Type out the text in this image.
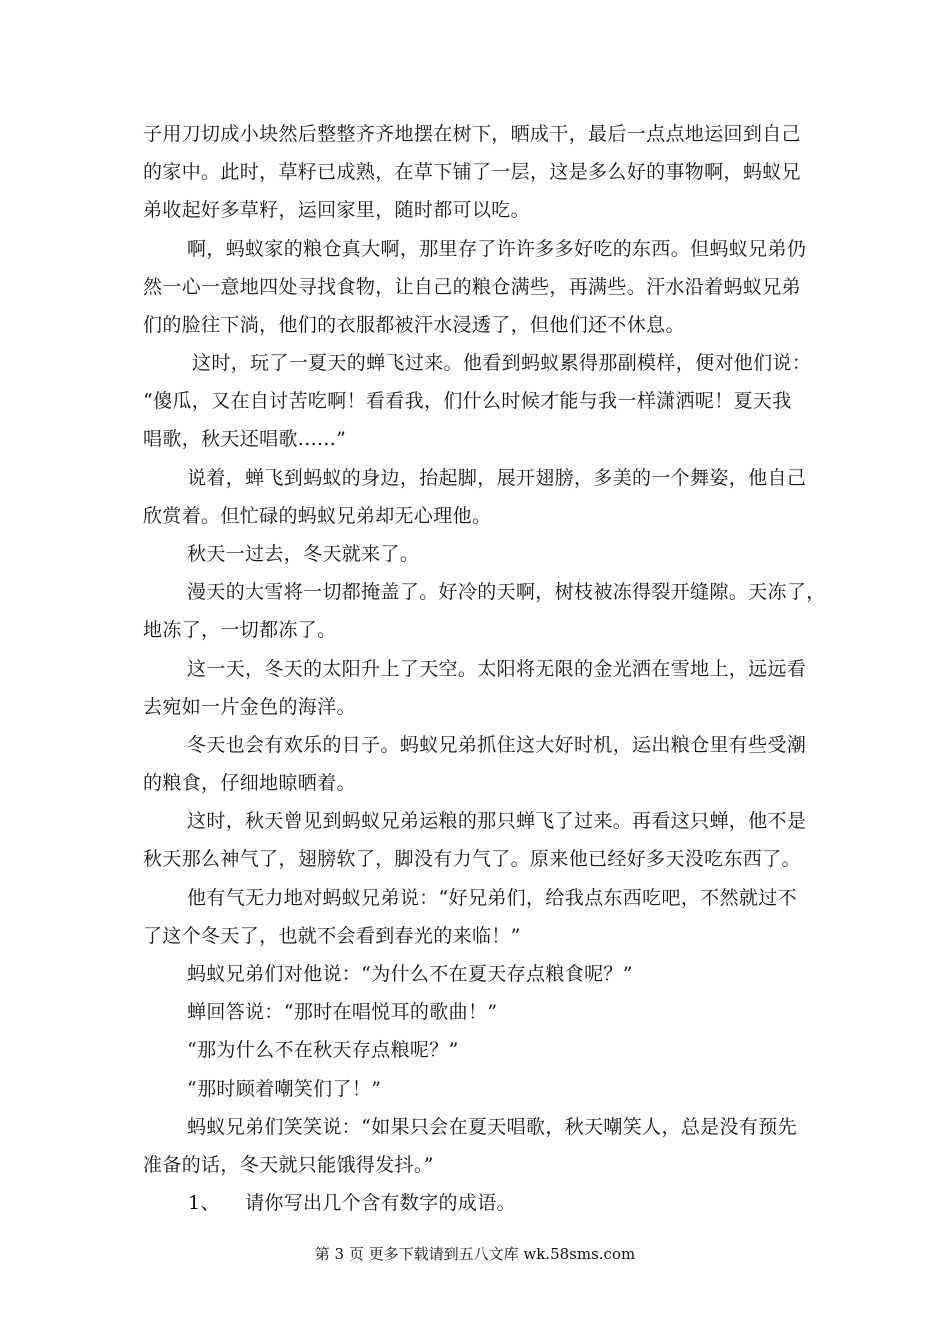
子用刀切成小块然后整整齐齐地摆在树下，晒成干，最后一点点地运回到自己
的家中。此时，草籽已成熟，在草下铺了一层，这是多么好的事物啊，蚂蚁兄
弟收起好多草籽，运回家里，随时都可以吃。
啊，蚂蚁家的粮仓真大啊，那里存了许许多多好吃的东西。但蚂蚁兄弟仍
然一心一意地四处寻找食物，让自己的粮仓满些，再满些。汗水沿着蚂蚁兄弟
们的脸往下淌，他们的衣服都被汗水浸透了，但他们还不休息。
这时，玩了一夏天的蝉飞过来。他看到蚂蚁累得那副模样，便对他们说：
“傻瓜，又在自讨苦吃啊！看看我，们什么时候才能与我一样潇洒呢！夏天我
唱歌，秋天还唱歌......”
说着，蝉飞到蚂蚁的身边，抬起脚，展开翅膀，多美的一个舞姿，他自己
欣赏着。但忙碌的蚂蚁兄弟却无心理他。
秋天一过去，冬天就来了。
漫天的大雪将一切都掩盖了。好冷的天啊，树枝被冻得裂开缝隙。天冻了，
地冻了，一切都冻了。
这一天，冬天的太阳升上了天空。太阳将无限的金光洒在雪地上，远远看
去宛如一片金色的海洋。
冬天也会有欢乐的日子。蚂蚁兄弟抓住这大好时机，运出粮仓里有些受潮
的粮食，仔细地晾晒着。
这时，秋天曾见到蚂蚁兄弟运粮的那只蝉飞了过来。再看这只蝉，他不是
秋天那么神气了，翅膀软了，脚没有力气了。原来他已经好多天没吃东西了。
他有气无力地对蚂蚁兄弟说：“好兄弟们，给我点东西吃吧，不然就过不
了这个冬天了，也就不会看到春光的来临！”
蚂蚁兄弟们对他说：“为什么不在夏天存点粮食呢？”
蝉回答说：“那时在唱悦耳的歌曲！”
“那为什么不在秋天存点粮呢？”
“那时顾着嘲笑们了！”
蚂蚁兄弟们笑笑说：“如果只会在夏天唱歌，秋天嘲笑人，总是没有预先
准备的话，冬天就只能饿得发抖。”
1、 请你写出几个含有数字的成语。
第 3 页 更多下载请到五八文库 wk.58sms.com
